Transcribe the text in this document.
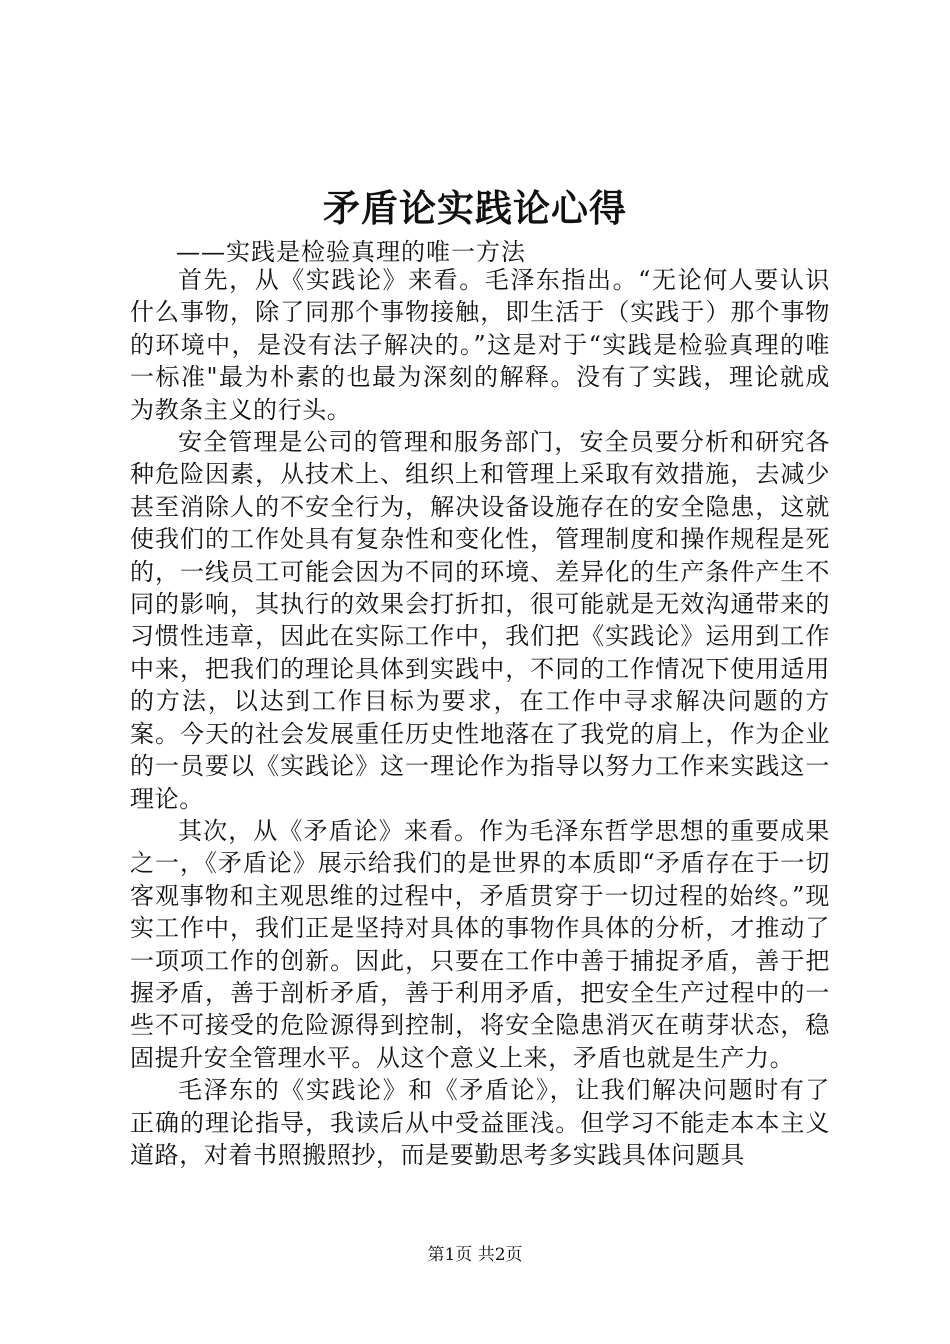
矛盾论实践论心得
——实践是检验真理的唯一方法

首先，从《实践论》来看。毛泽东指出。“无论何人要认识什么事物，除了同那个事物接触，即生活于（实践于）那个事物的环境中，是没有法子解决的。”这是对于“实践是检验真理的唯一标准"最为朴素的也最为深刻的解释。没有了实践，理论就成为教条主义的行头。

安全管理是公司的管理和服务部门，安全员要分析和研究各种危险因素，从技术上、组织上和管理上采取有效措施，去减少甚至消除人的不安全行为，解决设备设施存在的安全隐患，这就使我们的工作处具有复杂性和变化性，管理制度和操作规程是死的，一线员工可能会因为不同的环境、差异化的生产条件产生不同的影响，其执行的效果会打折扣，很可能就是无效沟通带来的习惯性违章，因此在实际工作中，我们把《实践论》运用到工作中来，把我们的理论具体到实践中，不同的工作情况下使用适用的方法，以达到工作目标为要求，在工作中寻求解决问题的方案。今天的社会发展重任历史性地落在了我党的肩上，作为企业的一员要以《实践论》这一理论作为指导以努力工作来实践这一理论。

其次，从《矛盾论》来看。作为毛泽东哲学思想的重要成果之一，《矛盾论》展示给我们的是世界的本质即“矛盾存在于一切客观事物和主观思维的过程中，矛盾贯穿于一切过程的始终。”现实工作中，我们正是坚持对具体的事物作具体的分析，才推动了一项项工作的创新。因此，只要在工作中善于捕捉矛盾，善于把握矛盾，善于剖析矛盾，善于利用矛盾，把安全生产过程中的一些不可接受的危险源得到控制，将安全隐患消灭在萌芽状态，稳固提升安全管理水平。从这个意义上来，矛盾也就是生产力。

毛泽东的《实践论》和《矛盾论》，让我们解决问题时有了正确的理论指导，我读后从中受益匪浅。但学习不能走本本主义道路，对着书照搬照抄，而是要勤思考多实践具体问题具

第1页 共2页
